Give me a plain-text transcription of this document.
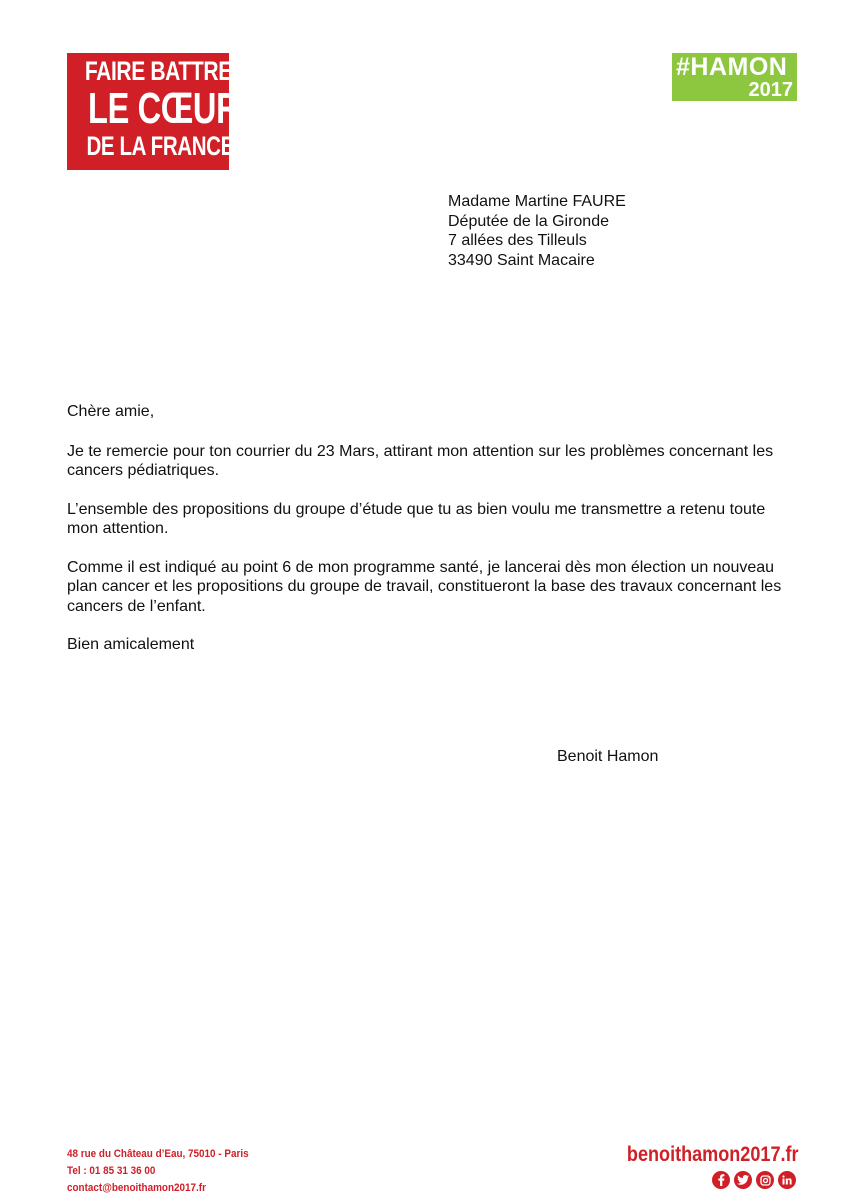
FAIRE BATTRE
LE CŒUR
DE LA FRANCE
#HAMON
2017
Madame Martine FAURE
Députée de la Gironde
7 allées des Tilleuls
33490 Saint Macaire

Chère amie,

Je te remercie pour ton courrier du 23 Mars, attirant mon attention sur les problèmes concernant les cancers pédiatriques.

L’ensemble des propositions du groupe d’étude que tu as bien voulu me transmettre a retenu toute mon attention.

Comme il est indiqué au point 6 de mon programme santé, je lancerai dès mon élection un nouveau plan cancer et les propositions du groupe de travail, constitueront la base des travaux concernant les cancers de l’enfant.

Bien amicalement

Benoit Hamon
48 rue du Château d’Eau, 75010 - Paris
Tel : 01 85 31 36 00
contact@benoithamon2017.fr
benoithamon2017.fr
